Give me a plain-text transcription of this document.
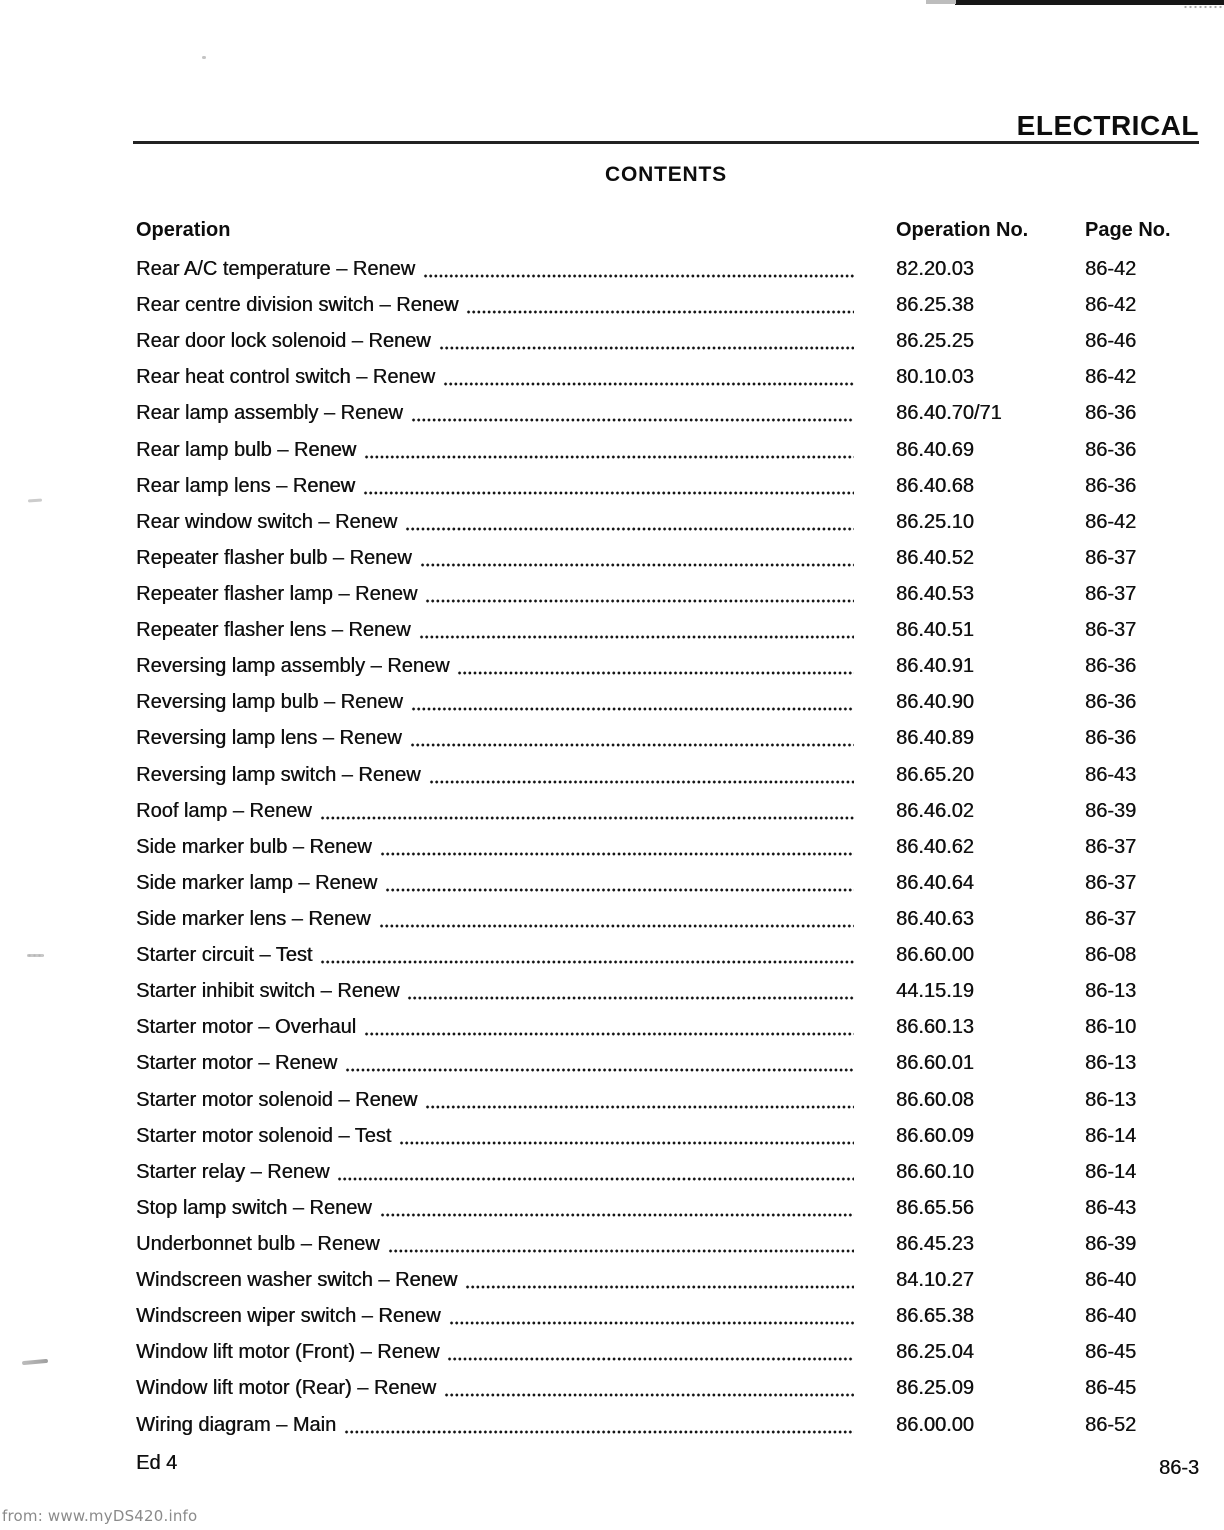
ELECTRICAL
CONTENTS
Operation	Operation No.	Page No.
Rear A/C temperature – Renew	82.20.03	86-42
Rear centre division switch – Renew	86.25.38	86-42
Rear door lock solenoid – Renew	86.25.25	86-46
Rear heat control switch – Renew	80.10.03	86-42
Rear lamp assembly – Renew	86.40.70/71	86-36
Rear lamp bulb – Renew	86.40.69	86-36
Rear lamp lens – Renew	86.40.68	86-36
Rear window switch – Renew	86.25.10	86-42
Repeater flasher bulb – Renew	86.40.52	86-37
Repeater flasher lamp – Renew	86.40.53	86-37
Repeater flasher lens – Renew	86.40.51	86-37
Reversing lamp assembly – Renew	86.40.91	86-36
Reversing lamp bulb – Renew	86.40.90	86-36
Reversing lamp lens – Renew	86.40.89	86-36
Reversing lamp switch – Renew	86.65.20	86-43
Roof lamp – Renew	86.46.02	86-39
Side marker bulb – Renew	86.40.62	86-37
Side marker lamp – Renew	86.40.64	86-37
Side marker lens – Renew	86.40.63	86-37
Starter circuit – Test	86.60.00	86-08
Starter inhibit switch – Renew	44.15.19	86-13
Starter motor – Overhaul	86.60.13	86-10
Starter motor – Renew	86.60.01	86-13
Starter motor solenoid – Renew	86.60.08	86-13
Starter motor solenoid – Test	86.60.09	86-14
Starter relay – Renew	86.60.10	86-14
Stop lamp switch – Renew	86.65.56	86-43
Underbonnet bulb – Renew	86.45.23	86-39
Windscreen washer switch – Renew	84.10.27	86-40
Windscreen wiper switch – Renew	86.65.38	86-40
Window lift motor (Front) – Renew	86.25.04	86-45
Window lift motor (Rear) – Renew	86.25.09	86-45
Wiring diagram – Main	86.00.00	86-52
Ed 4	86-3
from: www.myDS420.info
